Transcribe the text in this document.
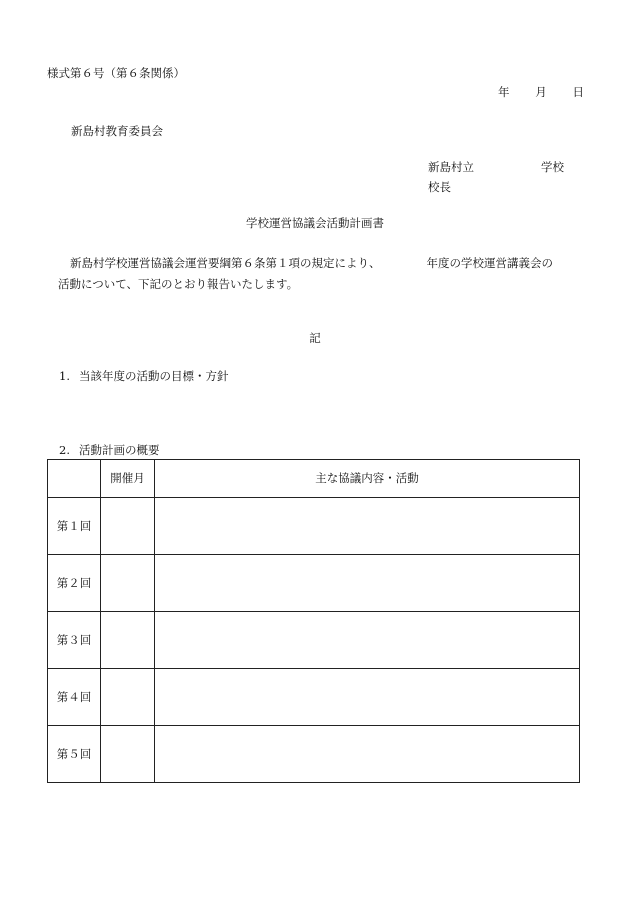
様式第６号（第６条関係）
年 月 日
新島村教育委員会
新島村立	学校
校長
学校運営協議会活動計画書
新島村学校運営協議会運営要綱第６条第１項の規定により、	年度の学校運営講義会の
活動について、下記のとおり報告いたします。
記
1. 当該年度の活動の目標・方針
2. 活動計画の概要
	開催月	主な協議内容・活動
第１回		
第２回		
第３回		
第４回		
第５回		
